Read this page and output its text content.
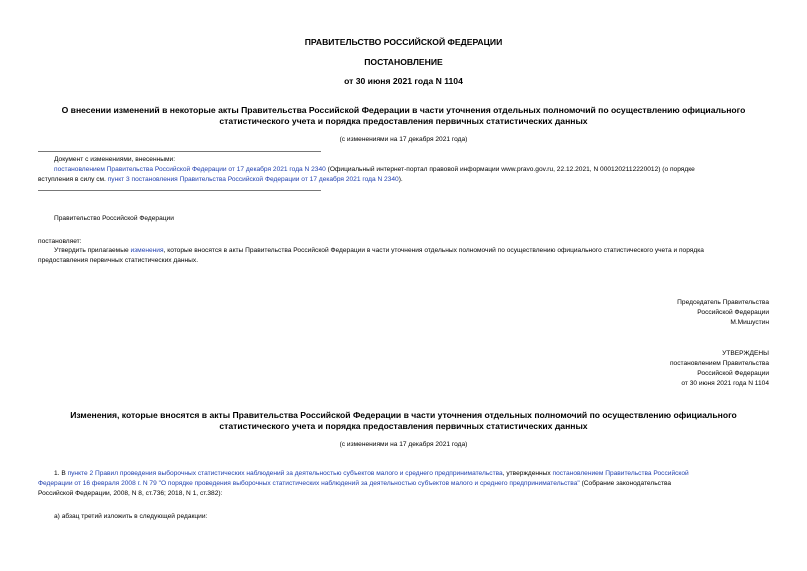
ПРАВИТЕЛЬСТВО РОССИЙСКОЙ ФЕДЕРАЦИИ
ПОСТАНОВЛЕНИЕ
от 30 июня 2021 года N 1104
О внесении изменений в некоторые акты Правительства Российской Федерации в части уточнения отдельных полномочий по осуществлению официального
статистического учета и порядка предоставления первичных статистических данных
(с изменениями на 17 декабря 2021 года)
Документ с изменениями, внесенными:
постановлением Правительства Российской Федерации от 17 декабря 2021 года N 2340 (Официальный интернет-портал правовой информации www.pravo.gov.ru, 22.12.2021, N 0001202112220012) (о порядке
вступления в силу см. пункт 3 постановления Правительства Российской Федерации от 17 декабря 2021 года N 2340).
Правительство Российской Федерации
постановляет:
Утвердить прилагаемые изменения, которые вносятся в акты Правительства Российской Федерации в части уточнения отдельных полномочий по осуществлению официального статистического учета и порядка
предоставления первичных статистических данных.
Председатель Правительства
Российской Федерации
М.Мишустин
УТВЕРЖДЕНЫ
постановлением Правительства
Российской Федерации
от 30 июня 2021 года N 1104
Изменения, которые вносятся в акты Правительства Российской Федерации в части уточнения отдельных полномочий по осуществлению официального
статистического учета и порядка предоставления первичных статистических данных
(с изменениями на 17 декабря 2021 года)
1. В пункте 2 Правил проведения выборочных статистических наблюдений за деятельностью субъектов малого и среднего предпринимательства, утвержденных постановлением Правительства Российской
Федерации от 16 февраля 2008 г. N 79 "О порядке проведения выборочных статистических наблюдений за деятельностью субъектов малого и среднего предпринимательства" (Собрание законодательства
Российской Федерации, 2008, N 8, ст.736; 2018, N 1, ст.382):
а) абзац третий изложить в следующей редакции:
